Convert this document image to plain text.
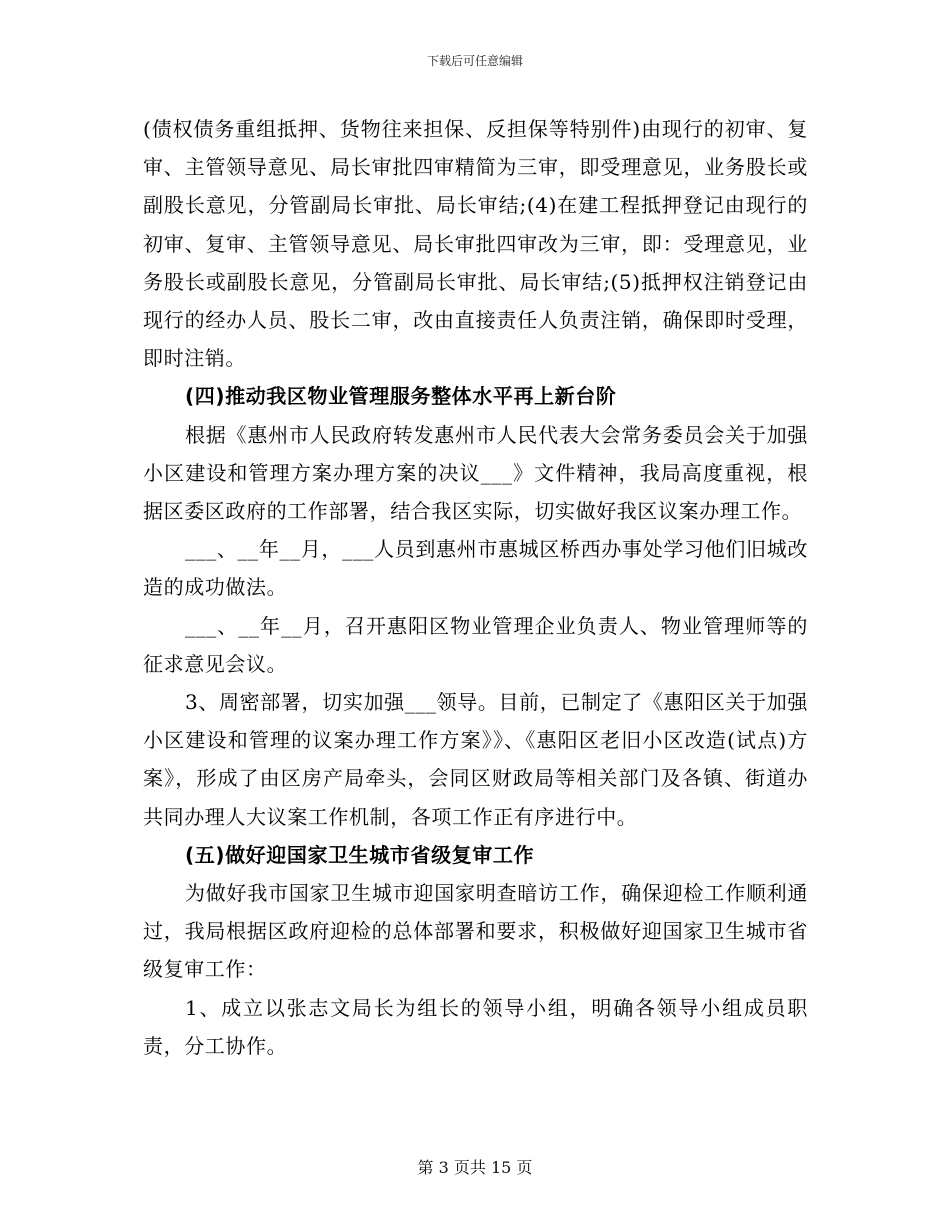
下载后可任意编辑

(债权债务重组抵押、货物往来担保、反担保等特别件)由现行的初审、复审、主管领导意见、局长审批四审精简为三审，即受理意见，业务股长或副股长意见，分管副局长审批、局长审结;(4)在建工程抵押登记由现行的初审、复审、主管领导意见、局长审批四审改为三审，即：受理意见，业务股长或副股长意见，分管副局长审批、局长审结;(5)抵押权注销登记由现行的经办人员、股长二审，改由直接责任人负责注销，确保即时受理，即时注销。

(四)推动我区物业管理服务整体水平再上新台阶

根据《惠州市人民政府转发惠州市人民代表大会常务委员会关于加强小区建设和管理方案办理方案的决议___》文件精神，我局高度重视，根据区委区政府的工作部署，结合我区实际，切实做好我区议案办理工作。

___、__年__月，___人员到惠州市惠城区桥西办事处学习他们旧城改造的成功做法。

___、__年__月，召开惠阳区物业管理企业负责人、物业管理师等的征求意见会议。

3、周密部署，切实加强___领导。目前，已制定了《惠阳区关于加强小区建设和管理的议案办理工作方案》》、《惠阳区老旧小区改造(试点)方案》，形成了由区房产局牵头，会同区财政局等相关部门及各镇、街道办共同办理人大议案工作机制，各项工作正有序进行中。

(五)做好迎国家卫生城市省级复审工作

为做好我市国家卫生城市迎国家明查暗访工作，确保迎检工作顺利通过，我局根据区政府迎检的总体部署和要求，积极做好迎国家卫生城市省级复审工作：

1、成立以张志文局长为组长的领导小组，明确各领导小组成员职责，分工协作。

第 3 页共 15 页
